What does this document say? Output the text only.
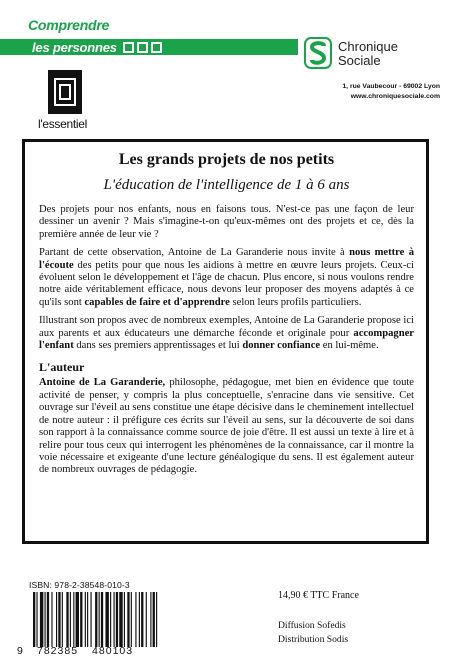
Comprendre
les personnes	Chronique
Sociale
1, rue Vaubecour - 69002 Lyon
www.chroniquesociale.com
l'essentiel
Les grands projets de nos petits
L'éducation de l'intelligence de 1 à 6 ans

Des projets pour nos enfants, nous en faisons tous. N'est-ce pas une façon de leur dessiner un avenir ? Mais s'imagine-t-on qu'eux-mêmes ont des projets et ce, dès la première année de leur vie ?

Partant de cette observation, Antoine de La Garanderie nous invite à nous mettre à l'écoute des petits pour que nous les aidions à mettre en œuvre leurs projets. Ceux-ci évoluent selon le développement et l'âge de chacun. Plus encore, si nous voulons rendre notre aide véritablement efficace, nous devons leur proposer des moyens adaptés à ce qu'ils sont capables de faire et d'apprendre selon leurs profils particuliers.

Illustrant son propos avec de nombreux exemples, Antoine de La Garanderie propose ici aux parents et aux éducateurs une démarche féconde et originale pour accompagner l'enfant dans ses premiers apprentissages et lui donner confiance en lui-même.

L'auteur

Antoine de La Garanderie, philosophe, pédagogue, met bien en évidence que toute activité de penser, y compris la plus conceptuelle, s'enracine dans vie sensitive. Cet ouvrage sur l'éveil au sens constitue une étape décisive dans le cheminement intellectuel de notre auteur : il préfigure ces écrits sur l'éveil au sens, sur la découverte de soi dans son rapport à la connaissance comme source de joie d'être. Il est aussi un texte à lire et à relire pour tous ceux qui interrogent les phénomènes de la connaissance, car il montre la voie nécessaire et exigeante d'une lecture généalogique du sens. Il est également auteur de nombreux ouvrages de pédagogie.

ISBN: 978-2-38548-010-3
9	782385 480103
14,90 € TTC France
Diffusion Sofedis
Distribution Sodis
